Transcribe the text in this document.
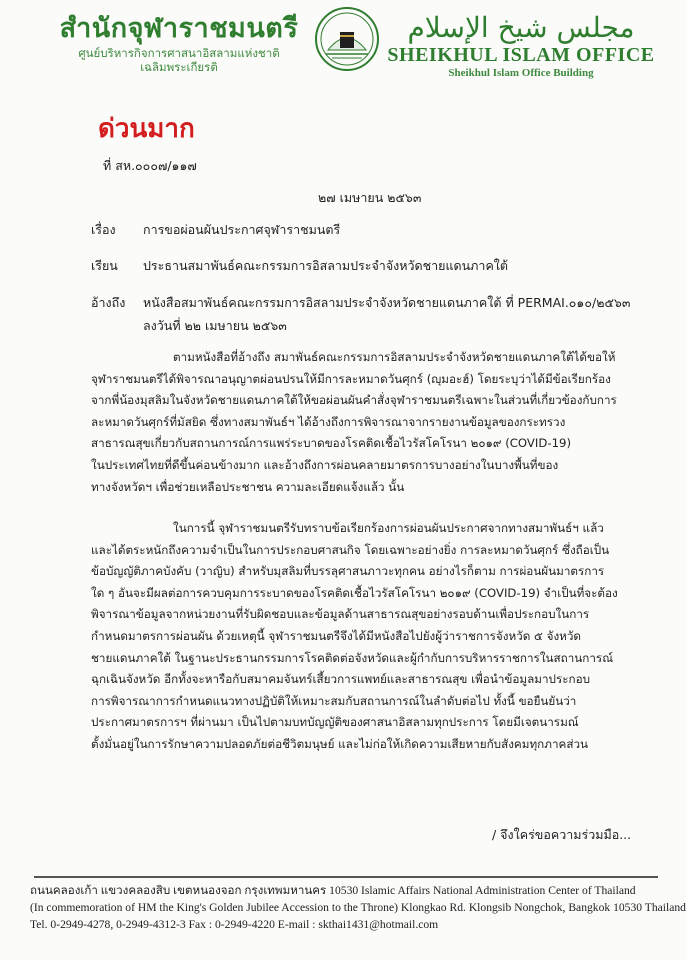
สำนักจุฬาราชมนตรี
ศูนย์บริหารกิจการศาสนาอิสลามแห่งชาติ
เฉลิมพระเกียรติ
مجلس شيخ الإسلام
SHEIKHUL ISLAM OFFICE
Sheikhul Islam Office Building
ด่วนมาก
ที่ สห.๐๐๐๗/๑๑๗
๒๗ เมษายน ๒๕๖๓
เรื่อง	การขอผ่อนผันประกาศจุฬาราชมนตรี
เรียน	ประธานสมาพันธ์คณะกรรมการอิสลามประจำจังหวัดชายแดนภาคใต้
อ้างถึง	หนังสือสมาพันธ์คณะกรรมการอิสลามประจำจังหวัดชายแดนภาคใต้ ที่ PERMAI.๐๑๐/๒๕๖๓
ลงวันที่ ๒๒ เมษายน ๒๕๖๓
ตามหนังสือที่อ้างถึง สมาพันธ์คณะกรรมการอิสลามประจำจังหวัดชายแดนภาคใต้ได้ขอให้
จุฬาราชมนตรีได้พิจารณาอนุญาตผ่อนปรนให้มีการละหมาดวันศุกร์ (ญุมอะฮ์) โดยระบุว่าได้มีข้อเรียกร้อง
จากพี่น้องมุสลิมในจังหวัดชายแดนภาคใต้ให้ขอผ่อนผันคำสั่งจุฬาราชมนตรีเฉพาะในส่วนที่เกี่ยวข้องกับการ
ละหมาดวันศุกร์ที่มัสยิด ซึ่งทางสมาพันธ์ฯ ได้อ้างถึงการพิจารณาจากรายงานข้อมูลของกระทรวง
สาธารณสุขเกี่ยวกับสถานการณ์การแพร่ระบาดของโรคติดเชื้อไวรัสโคโรนา ๒๐๑๙ (COVID-19)
ในประเทศไทยที่ดีขึ้นค่อนข้างมาก และอ้างถึงการผ่อนคลายมาตรการบางอย่างในบางพื้นที่ของ
ทางจังหวัดฯ เพื่อช่วยเหลือประชาชน ความละเอียดแจ้งแล้ว นั้น
ในการนี้ จุฬาราชมนตรีรับทราบข้อเรียกร้องการผ่อนผันประกาศจากทางสมาพันธ์ฯ แล้ว
และได้ตระหนักถึงความจำเป็นในการประกอบศาสนกิจ โดยเฉพาะอย่างยิ่ง การละหมาดวันศุกร์ ซึ่งถือเป็น
ข้อบัญญัติภาคบังคับ (วาญิบ) สำหรับมุสลิมที่บรรลุศาสนภาวะทุกคน อย่างไรก็ตาม การผ่อนผันมาตรการ
ใด ๆ อันจะมีผลต่อการควบคุมการระบาดของโรคติดเชื้อไวรัสโคโรนา ๒๐๑๙ (COVID-19) จำเป็นที่จะต้อง
พิจารณาข้อมูลจากหน่วยงานที่รับผิดชอบและข้อมูลด้านสาธารณสุขอย่างรอบด้านเพื่อประกอบในการ
กำหนดมาตรการผ่อนผัน ด้วยเหตุนี้ จุฬาราชมนตรีจึงได้มีหนังสือไปยังผู้ว่าราชการจังหวัด ๕ จังหวัด
ชายแดนภาคใต้ ในฐานะประธานกรรมการโรคติดต่อจังหวัดและผู้กำกับการบริหารราชการในสถานการณ์
ฉุกเฉินจังหวัด อีกทั้งจะหารือกับสมาคมจันทร์เสี้ยวการแพทย์และสาธารณสุข เพื่อนำข้อมูลมาประกอบ
การพิจารณาการกำหนดแนวทางปฏิบัติให้เหมาะสมกับสถานการณ์ในลำดับต่อไป ทั้งนี้ ขอยืนยันว่า
ประกาศมาตรการฯ ที่ผ่านมา เป็นไปตามบทบัญญัติของศาสนาอิสลามทุกประการ โดยมีเจตนารมณ์
ตั้งมั่นอยู่ในการรักษาความปลอดภัยต่อชีวิตมนุษย์ และไม่ก่อให้เกิดความเสียหายกับสังคมทุกภาคส่วน
/ จึงใคร่ขอความร่วมมือ...
ถนนคลองเก้า แขวงคลองสิบ เขตหนองจอก กรุงเทพมหานคร 10530 Islamic Affairs National Administration Center of Thailand
(In commemoration of HM the King's Golden Jubilee Accession to the Throne) Klongkao Rd. Klongsib Nongchok, Bangkok 10530 Thailand
Tel. 0-2949-4278, 0-2949-4312-3 Fax : 0-2949-4220 E-mail : skthai1431@hotmail.com
